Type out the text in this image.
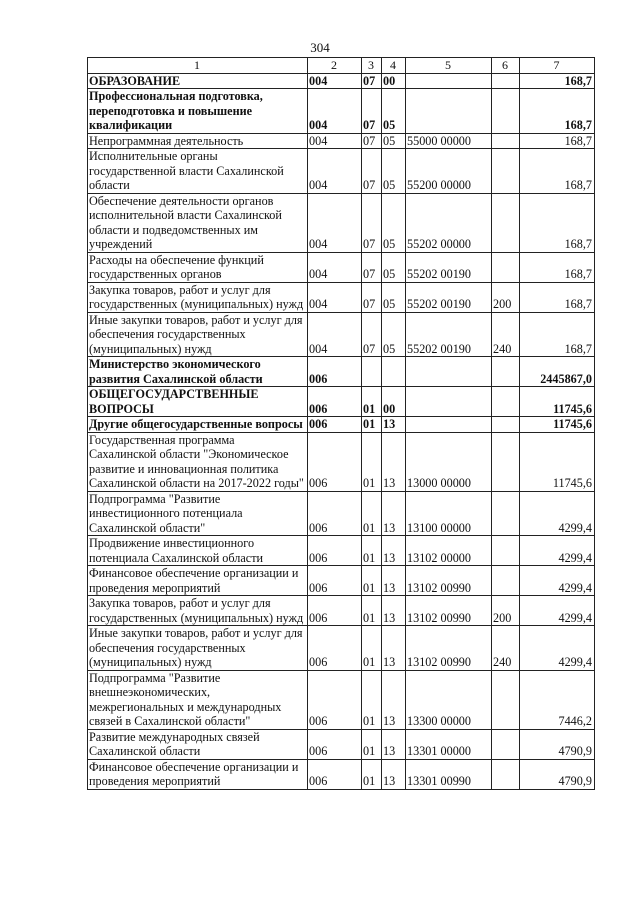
304
1	2	3	4	5	6	7
ОБРАЗОВАНИЕ	004	07	00			168,7
Профессиональная подготовка, переподготовка и повышение квалификации	004	07	05			168,7
Непрограммная деятельность	004	07	05	55000 00000		168,7
Исполнительные органы государственной власти Сахалинской области	004	07	05	55200 00000		168,7
Обеспечение деятельности органов исполнительной власти Сахалинской области и подведомственных им учреждений	004	07	05	55202 00000		168,7
Расходы на обеспечение функций государственных органов	004	07	05	55202 00190		168,7
Закупка товаров, работ и услуг для государственных (муниципальных) нужд	004	07	05	55202 00190	200	168,7
Иные закупки товаров, работ и услуг для обеспечения государственных (муниципальных) нужд	004	07	05	55202 00190	240	168,7
Министерство экономического развития Сахалинской области	006					2445867,0
ОБЩЕГОСУДАРСТВЕННЫЕ ВОПРОСЫ	006	01	00			11745,6
Другие общегосударственные вопросы	006	01	13			11745,6
Государственная программа Сахалинской области "Экономическое развитие и инновационная политика Сахалинской области на 2017-2022 годы"	006	01	13	13000 00000		11745,6
Подпрограмма "Развитие инвестиционного потенциала Сахалинской области"	006	01	13	13100 00000		4299,4
Продвижение инвестиционного потенциала Сахалинской области	006	01	13	13102 00000		4299,4
Финансовое обеспечение организации и проведения мероприятий	006	01	13	13102 00990		4299,4
Закупка товаров, работ и услуг для государственных (муниципальных) нужд	006	01	13	13102 00990	200	4299,4
Иные закупки товаров, работ и услуг для обеспечения государственных (муниципальных) нужд	006	01	13	13102 00990	240	4299,4
Подпрограмма "Развитие внешнеэкономических, межрегиональных и международных связей в Сахалинской области"	006	01	13	13300 00000		7446,2
Развитие международных связей Сахалинской области	006	01	13	13301 00000		4790,9
Финансовое обеспечение организации и проведения мероприятий	006	01	13	13301 00990		4790,9
